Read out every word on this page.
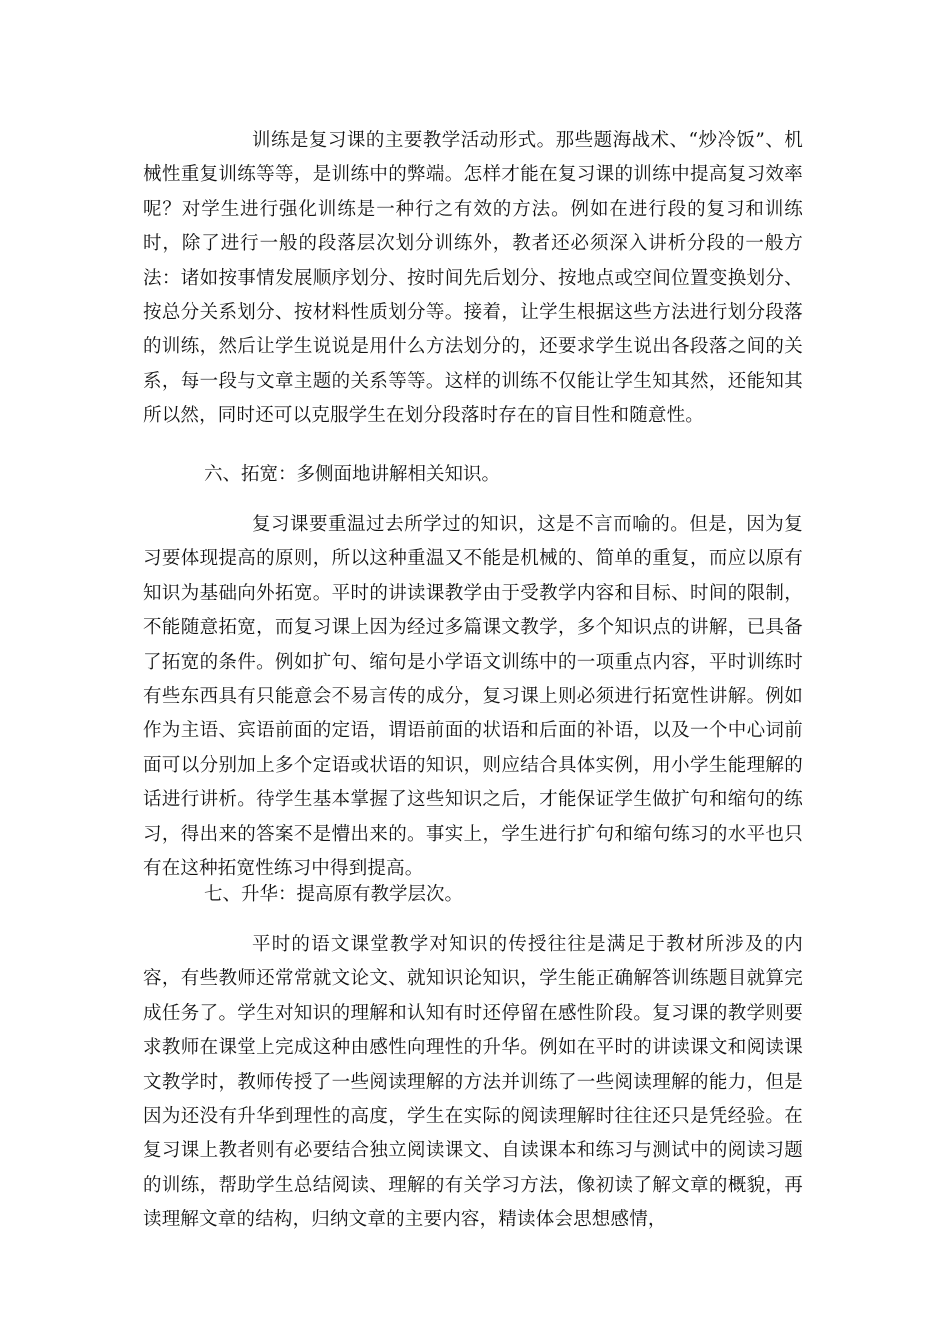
训练是复习课的主要教学活动形式。那些题海战术、“炒冷饭”、机械性重复训练等等，是训练中的弊端。怎样才能在复习课的训练中提高复习效率呢？对学生进行强化训练是一种行之有效的方法。例如在进行段的复习和训练时，除了进行一般的段落层次划分训练外，教者还必须深入讲析分段的一般方法：诸如按事情发展顺序划分、按时间先后划分、按地点或空间位置变换划分、按总分关系划分、按材料性质划分等。接着，让学生根据这些方法进行划分段落的训练，然后让学生说说是用什么方法划分的，还要求学生说出各段落之间的关系，每一段与文章主题的关系等等。这样的训练不仅能让学生知其然，还能知其所以然，同时还可以克服学生在划分段落时存在的盲目性和随意性。

六、拓宽：多侧面地讲解相关知识。

复习课要重温过去所学过的知识，这是不言而喻的。但是，因为复习要体现提高的原则，所以这种重温又不能是机械的、简单的重复，而应以原有知识为基础向外拓宽。平时的讲读课教学由于受教学内容和目标、时间的限制，不能随意拓宽，而复习课上因为经过多篇课文教学，多个知识点的讲解，已具备了拓宽的条件。例如扩句、缩句是小学语文训练中的一项重点内容，平时训练时有些东西具有只能意会不易言传的成分，复习课上则必须进行拓宽性讲解。例如作为主语、宾语前面的定语，谓语前面的状语和后面的补语，以及一个中心词前面可以分别加上多个定语或状语的知识，则应结合具体实例，用小学生能理解的话进行讲析。待学生基本掌握了这些知识之后，才能保证学生做扩句和缩句的练习，得出来的答案不是懵出来的。事实上，学生进行扩句和缩句练习的水平也只有在这种拓宽性练习中得到提高。

七、升华：提高原有教学层次。

平时的语文课堂教学对知识的传授往往是满足于教材所涉及的内容，有些教师还常常就文论文、就知识论知识，学生能正确解答训练题目就算完成任务了。学生对知识的理解和认知有时还停留在感性阶段。复习课的教学则要求教师在课堂上完成这种由感性向理性的升华。例如在平时的讲读课文和阅读课文教学时，教师传授了一些阅读理解的方法并训练了一些阅读理解的能力，但是因为还没有升华到理性的高度，学生在实际的阅读理解时往往还只是凭经验。在复习课上教者则有必要结合独立阅读课文、自读课本和练习与测试中的阅读习题的训练，帮助学生总结阅读、理解的有关学习方法，像初读了解文章的概貌，再读理解文章的结构，归纳文章的主要内容，精读体会思想感情，
